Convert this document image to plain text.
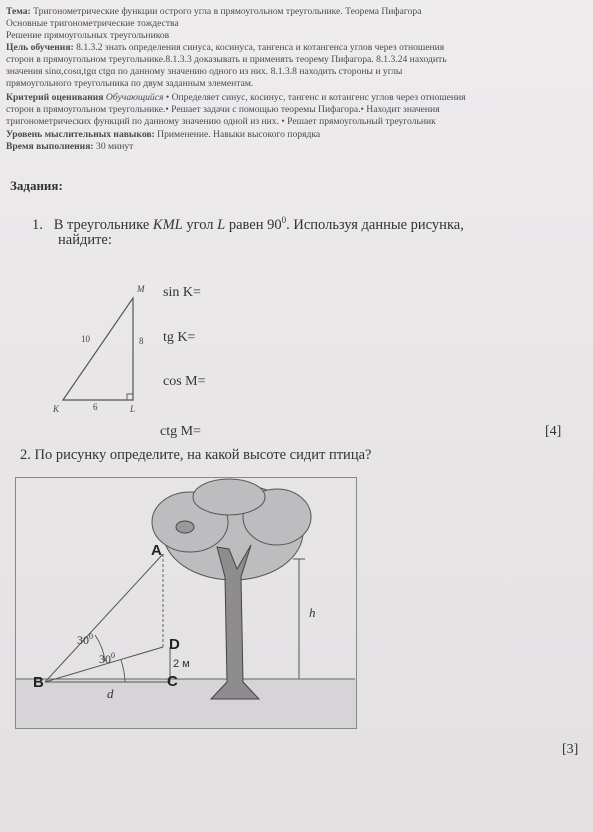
Тема: Тригонометрические функции острого угла в прямоугольном треугольнике. Теорема Пифагора
Основные тригонометрические тождества
Решение прямоугольных треугольников
Цель обучения: 8.1.3.2 знать определения синуса, косинуса, тангенса и котангенса углов через отношения
сторон в прямоугольном треугольнике.8.1.3.3 доказывать и применять теорему Пифагора. 8.1.3.24 находить
значения sinα,cosα,tgα ctgα по данному значению одного из них. 8.1.3.8 находить стороны и углы
прямоугольного треугольника по двум заданным элементам.
Критерий оценивания Обучающийся • Определяет синус, косинус, тангенс и котангенс углов через отношения
сторон в прямоугольном треугольнике.• Решает задачи с помощью теоремы Пифагора.• Находит значения
тригонометрических функций по данному значению одной из них. • Решает прямоугольный треугольник
Уровень мыслительных навыков: Применение. Навыки высокого порядка
Время выполнения: 30 минут
Задания:
1. В треугольнике KML угол L равен $90^0$. Используя данные рисунка,
найдите:
M
K	L
10	8
6
sin K=
tg K=
cos M=
ctg M=	[4]
2. По рисунку определите, на какой высоте сидит птица?
A
B	C
D
h
d
$30^0$
$30^0$
2 м
[3]
